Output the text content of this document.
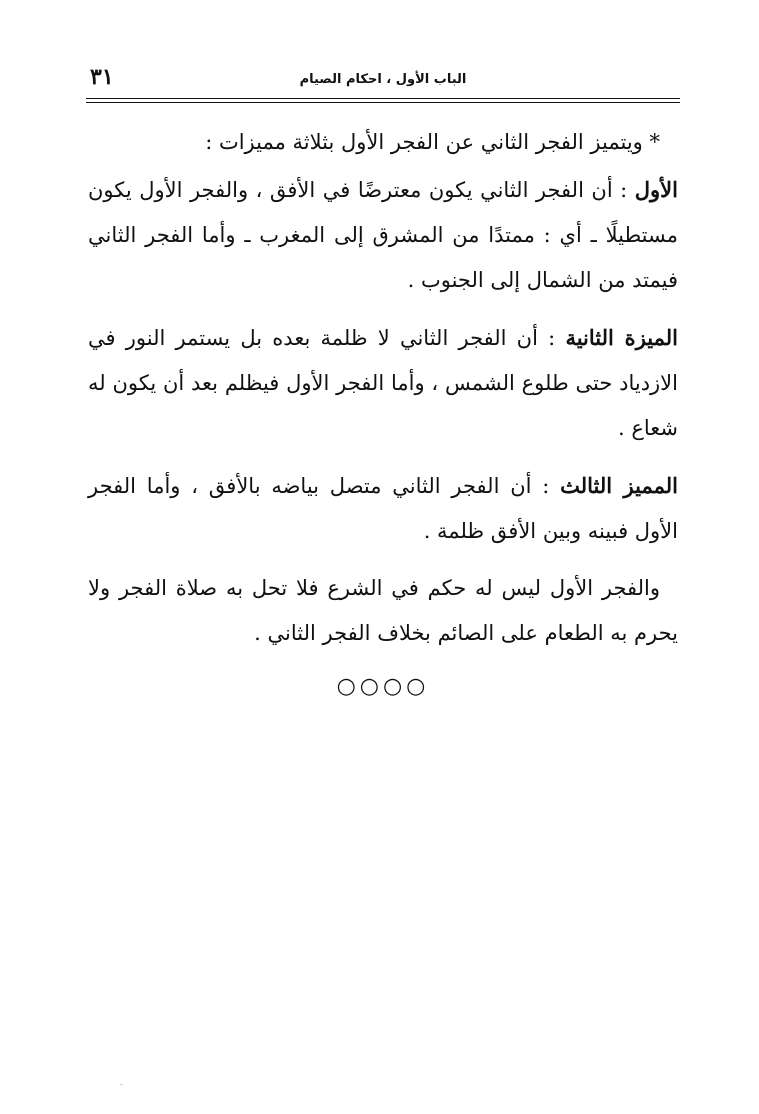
الباب الأول ، احكام الصيام
٣١

* ويتميز الفجر الثاني عن الفجر الأول بثلاثة مميزات :

الأول : أن الفجر الثاني يكون معترضًا في الأفق ، والفجر الأول يكون مستطيلًا ـ أي : ممتدًا من المشرق إلى المغرب ـ وأما الفجر الثاني فيمتد من الشمال إلى الجنوب .

الميزة الثانية : أن الفجر الثاني لا ظلمة بعده بل يستمر النور في الازدياد حتى طلوع الشمس ، وأما الفجر الأول فيظلم بعد أن يكون له شعاع .

المميز الثالث : أن الفجر الثاني متصل بياضه بالأفق ، وأما الفجر الأول فبينه وبين الأفق ظلمة .

والفجر الأول ليس له حكم في الشرع فلا تحل به صلاة الفجر ولا يحرم به الطعام على الصائم بخلاف الفجر الثاني .

○○○○
